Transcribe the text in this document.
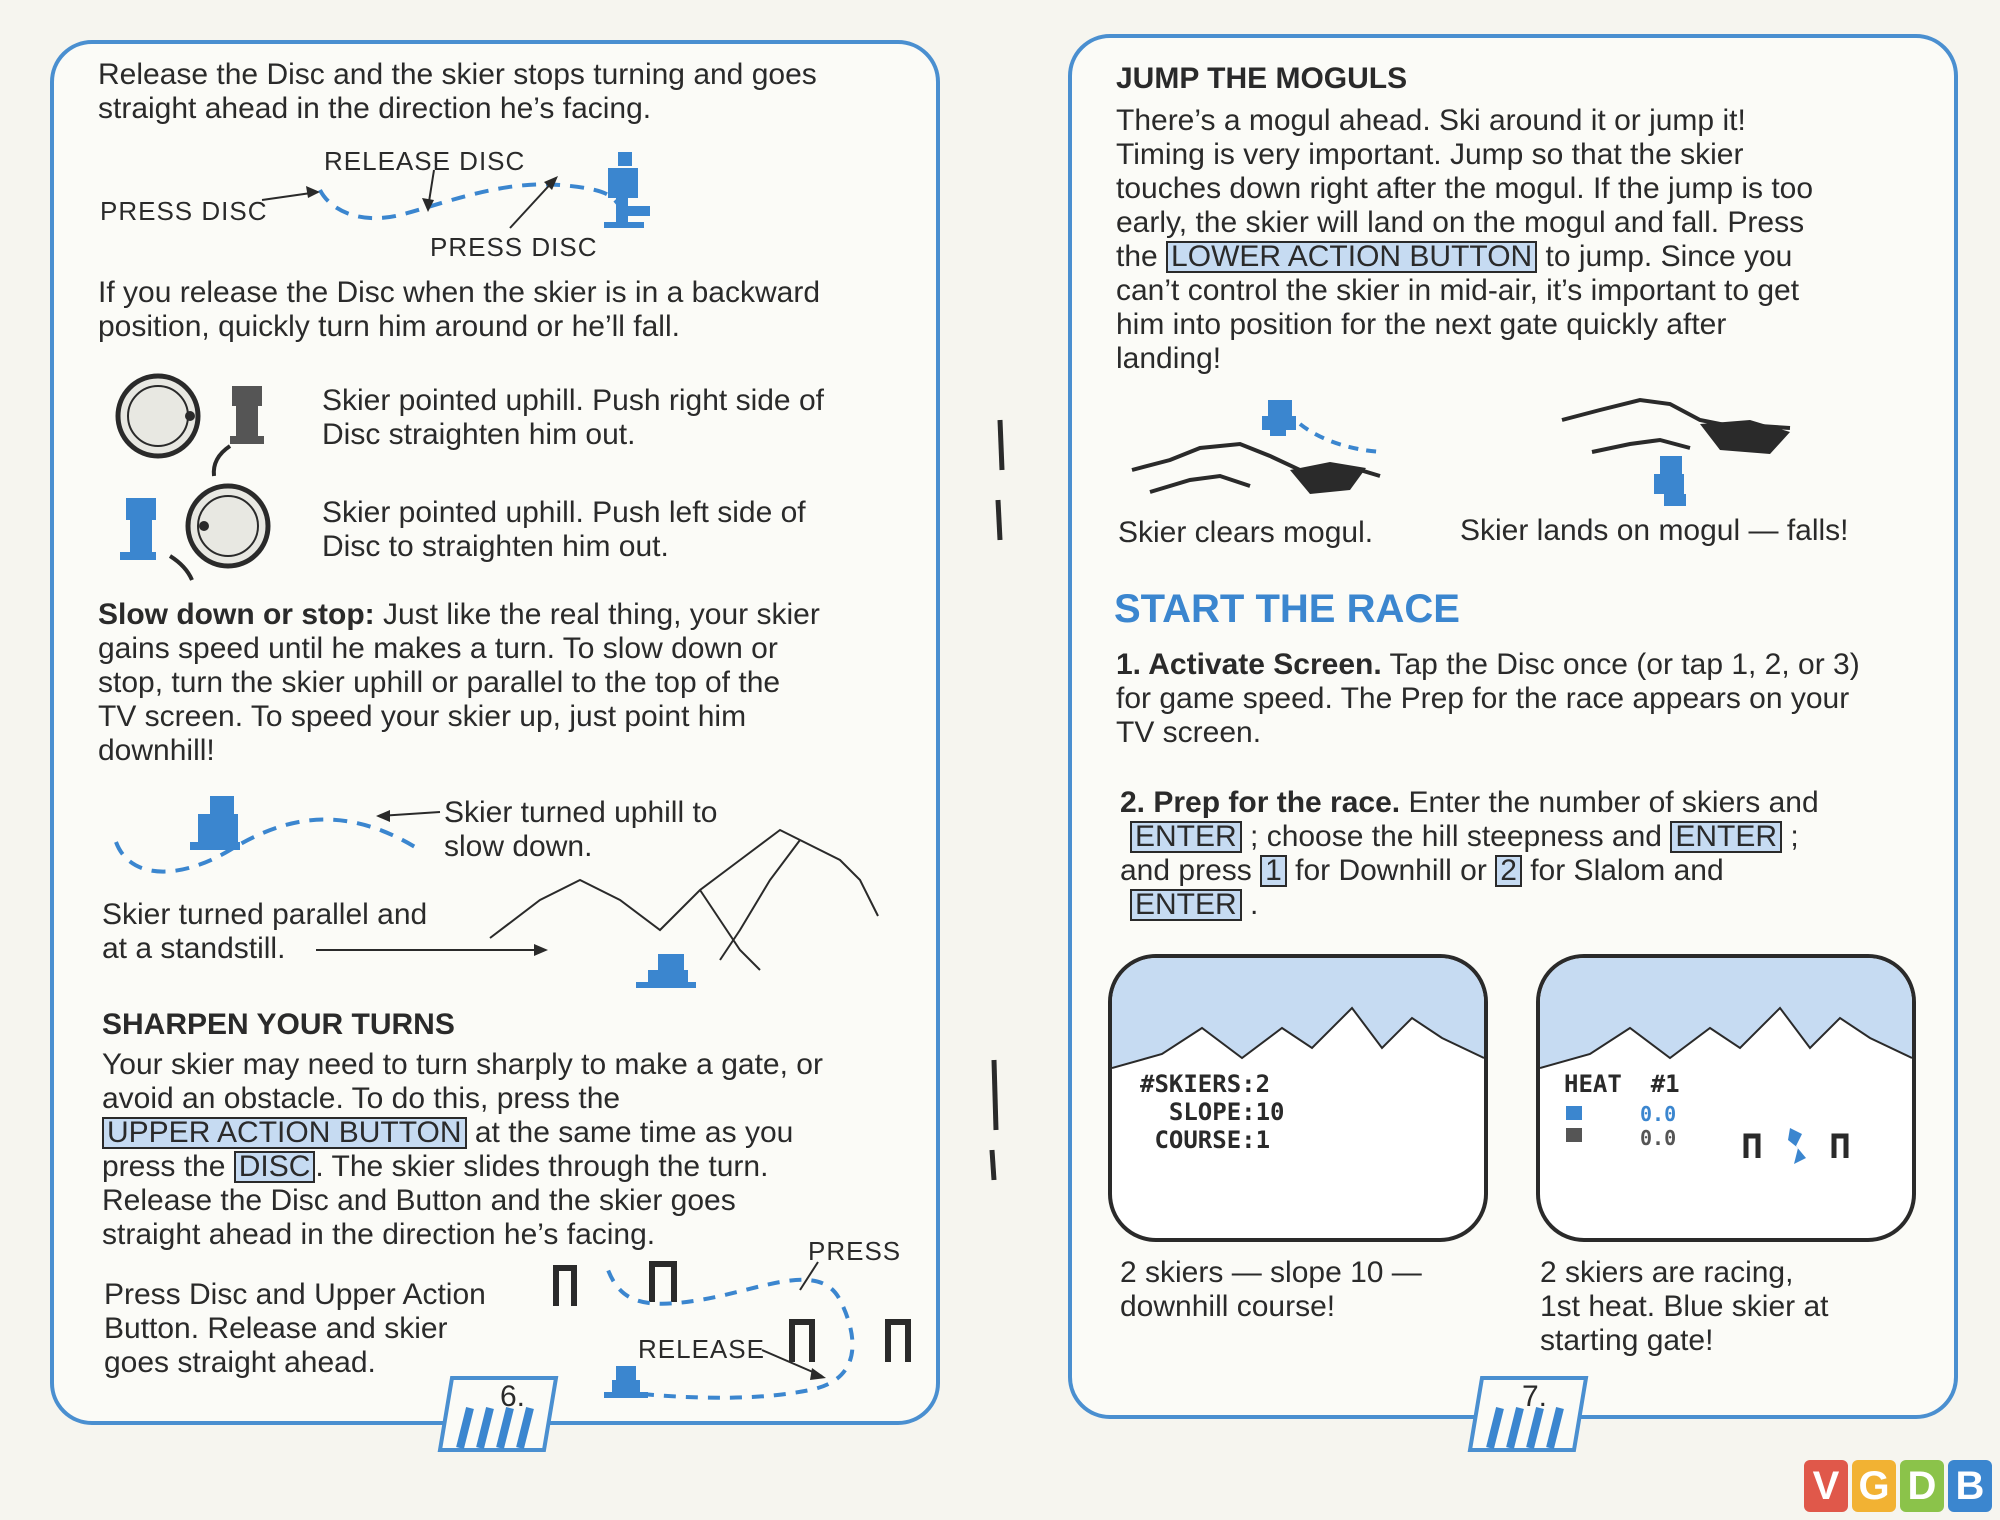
Release the Disc and the skier stops turning and goes
straight ahead in the direction he’s facing.
RELEASE DISC
PRESS DISC
PRESS DISC
If you release the Disc when the skier is in a backward
position, quickly turn him around or he’ll fall.
Skier pointed uphill. Push right side of
Disc straighten him out.
Skier pointed uphill. Push left side of
Disc to straighten him out.
Slow down or stop: Just like the real thing, your skier
gains speed until he makes a turn. To slow down or
stop, turn the skier uphill or parallel to the top of the
TV screen. To speed your skier up, just point him
downhill!
Skier turned uphill to
slow down.
Skier turned parallel and
at a standstill.
SHARPEN YOUR TURNS
Your skier may need to turn sharply to make a gate, or
avoid an obstacle. To do this, press the
UPPER ACTION BUTTON at the same time as you
press the DISC . The skier slides through the turn.
Release the Disc and Button and the skier goes
straight ahead in the direction he’s facing.
Press Disc and Upper Action
Button. Release and skier
goes straight ahead.
PRESS
RELEASE
6.
JUMP THE MOGULS
There’s a mogul ahead. Ski around it or jump it!
Timing is very important. Jump so that the skier
touches down right after the mogul. If the jump is too
early, the skier will land on the mogul and fall. Press
the LOWER ACTION BUTTON to jump. Since you
can’t control the skier in mid-air, it’s important to get
him into position for the next gate quickly after
landing!
Skier clears mogul.	Skier lands on mogul — falls!
START THE RACE
1. Activate Screen. Tap the Disc once (or tap 1, 2, or 3)
for game speed. The Prep for the race appears on your
TV screen.
2. Prep for the race. Enter the number of skiers and
ENTER ; choose the hill steepness and ENTER ;
and press 1 for Downhill or 2 for Slalom and
ENTER .
#SKIERS:2
SLOPE:10
COURSE:1
2 skiers — slope 10 —
downhill course!
HEAT  #1
0.0
0.0
2 skiers are racing,
1st heat. Blue skier at
starting gate!
7.
V G D B
